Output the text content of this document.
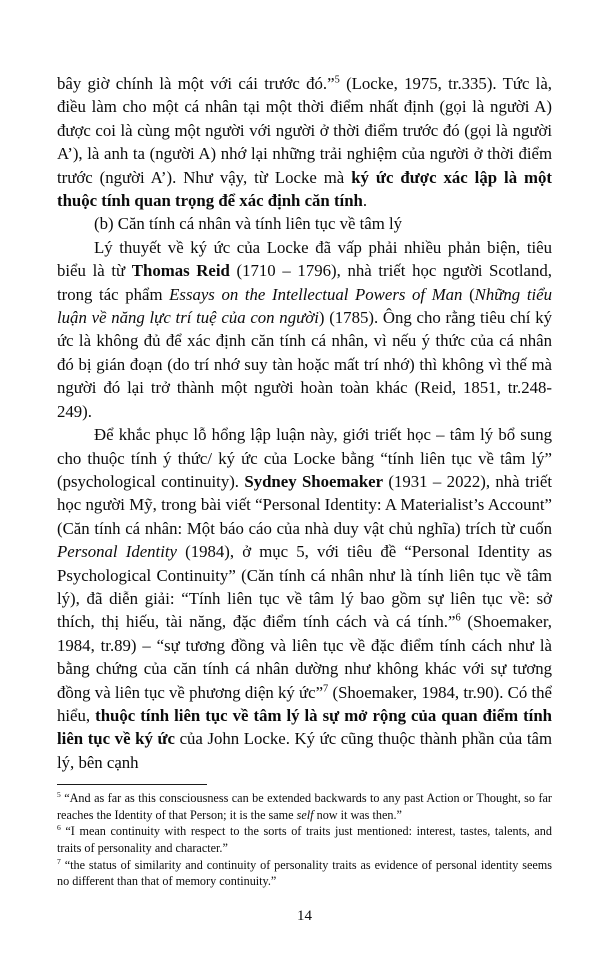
bây giờ chính là một với cái trước đó.”$^5$ (Locke, 1975, tr.335). Tức là, điều làm cho một cá nhân tại một thời điểm nhất định (gọi là người A) được coi là cùng một người với người ở thời điểm trước đó (gọi là người A’), là anh ta (người A) nhớ lại những trải nghiệm của người ở thời điểm trước (người A’). Như vậy, từ Locke mà ký ức được xác lập là một thuộc tính quan trọng để xác định căn tính.

(b) Căn tính cá nhân và tính liên tục về tâm lý

Lý thuyết về ký ức của Locke đã vấp phải nhiều phản biện, tiêu biểu là từ Thomas Reid (1710 – 1796), nhà triết học người Scotland, trong tác phẩm Essays on the Intellectual Powers of Man (Những tiểu luận về năng lực trí tuệ của con người) (1785). Ông cho rằng tiêu chí ký ức là không đủ để xác định căn tính cá nhân, vì nếu ý thức của cá nhân đó bị gián đoạn (do trí nhớ suy tàn hoặc mất trí nhớ) thì không vì thế mà người đó lại trở thành một người hoàn toàn khác (Reid, 1851, tr.248-249).

Để khắc phục lỗ hổng lập luận này, giới triết học – tâm lý bổ sung cho thuộc tính ý thức/ ký ức của Locke bằng “tính liên tục về tâm lý” (psychological continuity). Sydney Shoemaker (1931 – 2022), nhà triết học người Mỹ, trong bài viết “Personal Identity: A Materialist’s Account” (Căn tính cá nhân: Một báo cáo của nhà duy vật chủ nghĩa) trích từ cuốn Personal Identity (1984), ở mục 5, với tiêu đề “Personal Identity as Psychological Continuity” (Căn tính cá nhân như là tính liên tục về tâm lý), đã diễn giải: “Tính liên tục về tâm lý bao gồm sự liên tục về: sở thích, thị hiếu, tài năng, đặc điểm tính cách và cá tính.”$^6$ (Shoemaker, 1984, tr.89) – “sự tương đồng và liên tục về đặc điểm tính cách như là bằng chứng của căn tính cá nhân dường như không khác với sự tương đồng và liên tục về phương diện ký ức”$^7$ (Shoemaker, 1984, tr.90). Có thể hiểu, thuộc tính liên tục về tâm lý là sự mở rộng của quan điểm tính liên tục về ký ức của John Locke. Ký ức cũng thuộc thành phần của tâm lý, bên cạnh

$^5$ “And as far as this consciousness can be extended backwards to any past Action or Thought, so far reaches the Identity of that Person; it is the same self now it was then.”

$^6$ “I mean continuity with respect to the sorts of traits just mentioned: interest, tastes, talents, and traits of personality and character.”

$^7$ “the status of similarity and continuity of personality traits as evidence of personal identity seems no different than that of memory continuity.”

14
